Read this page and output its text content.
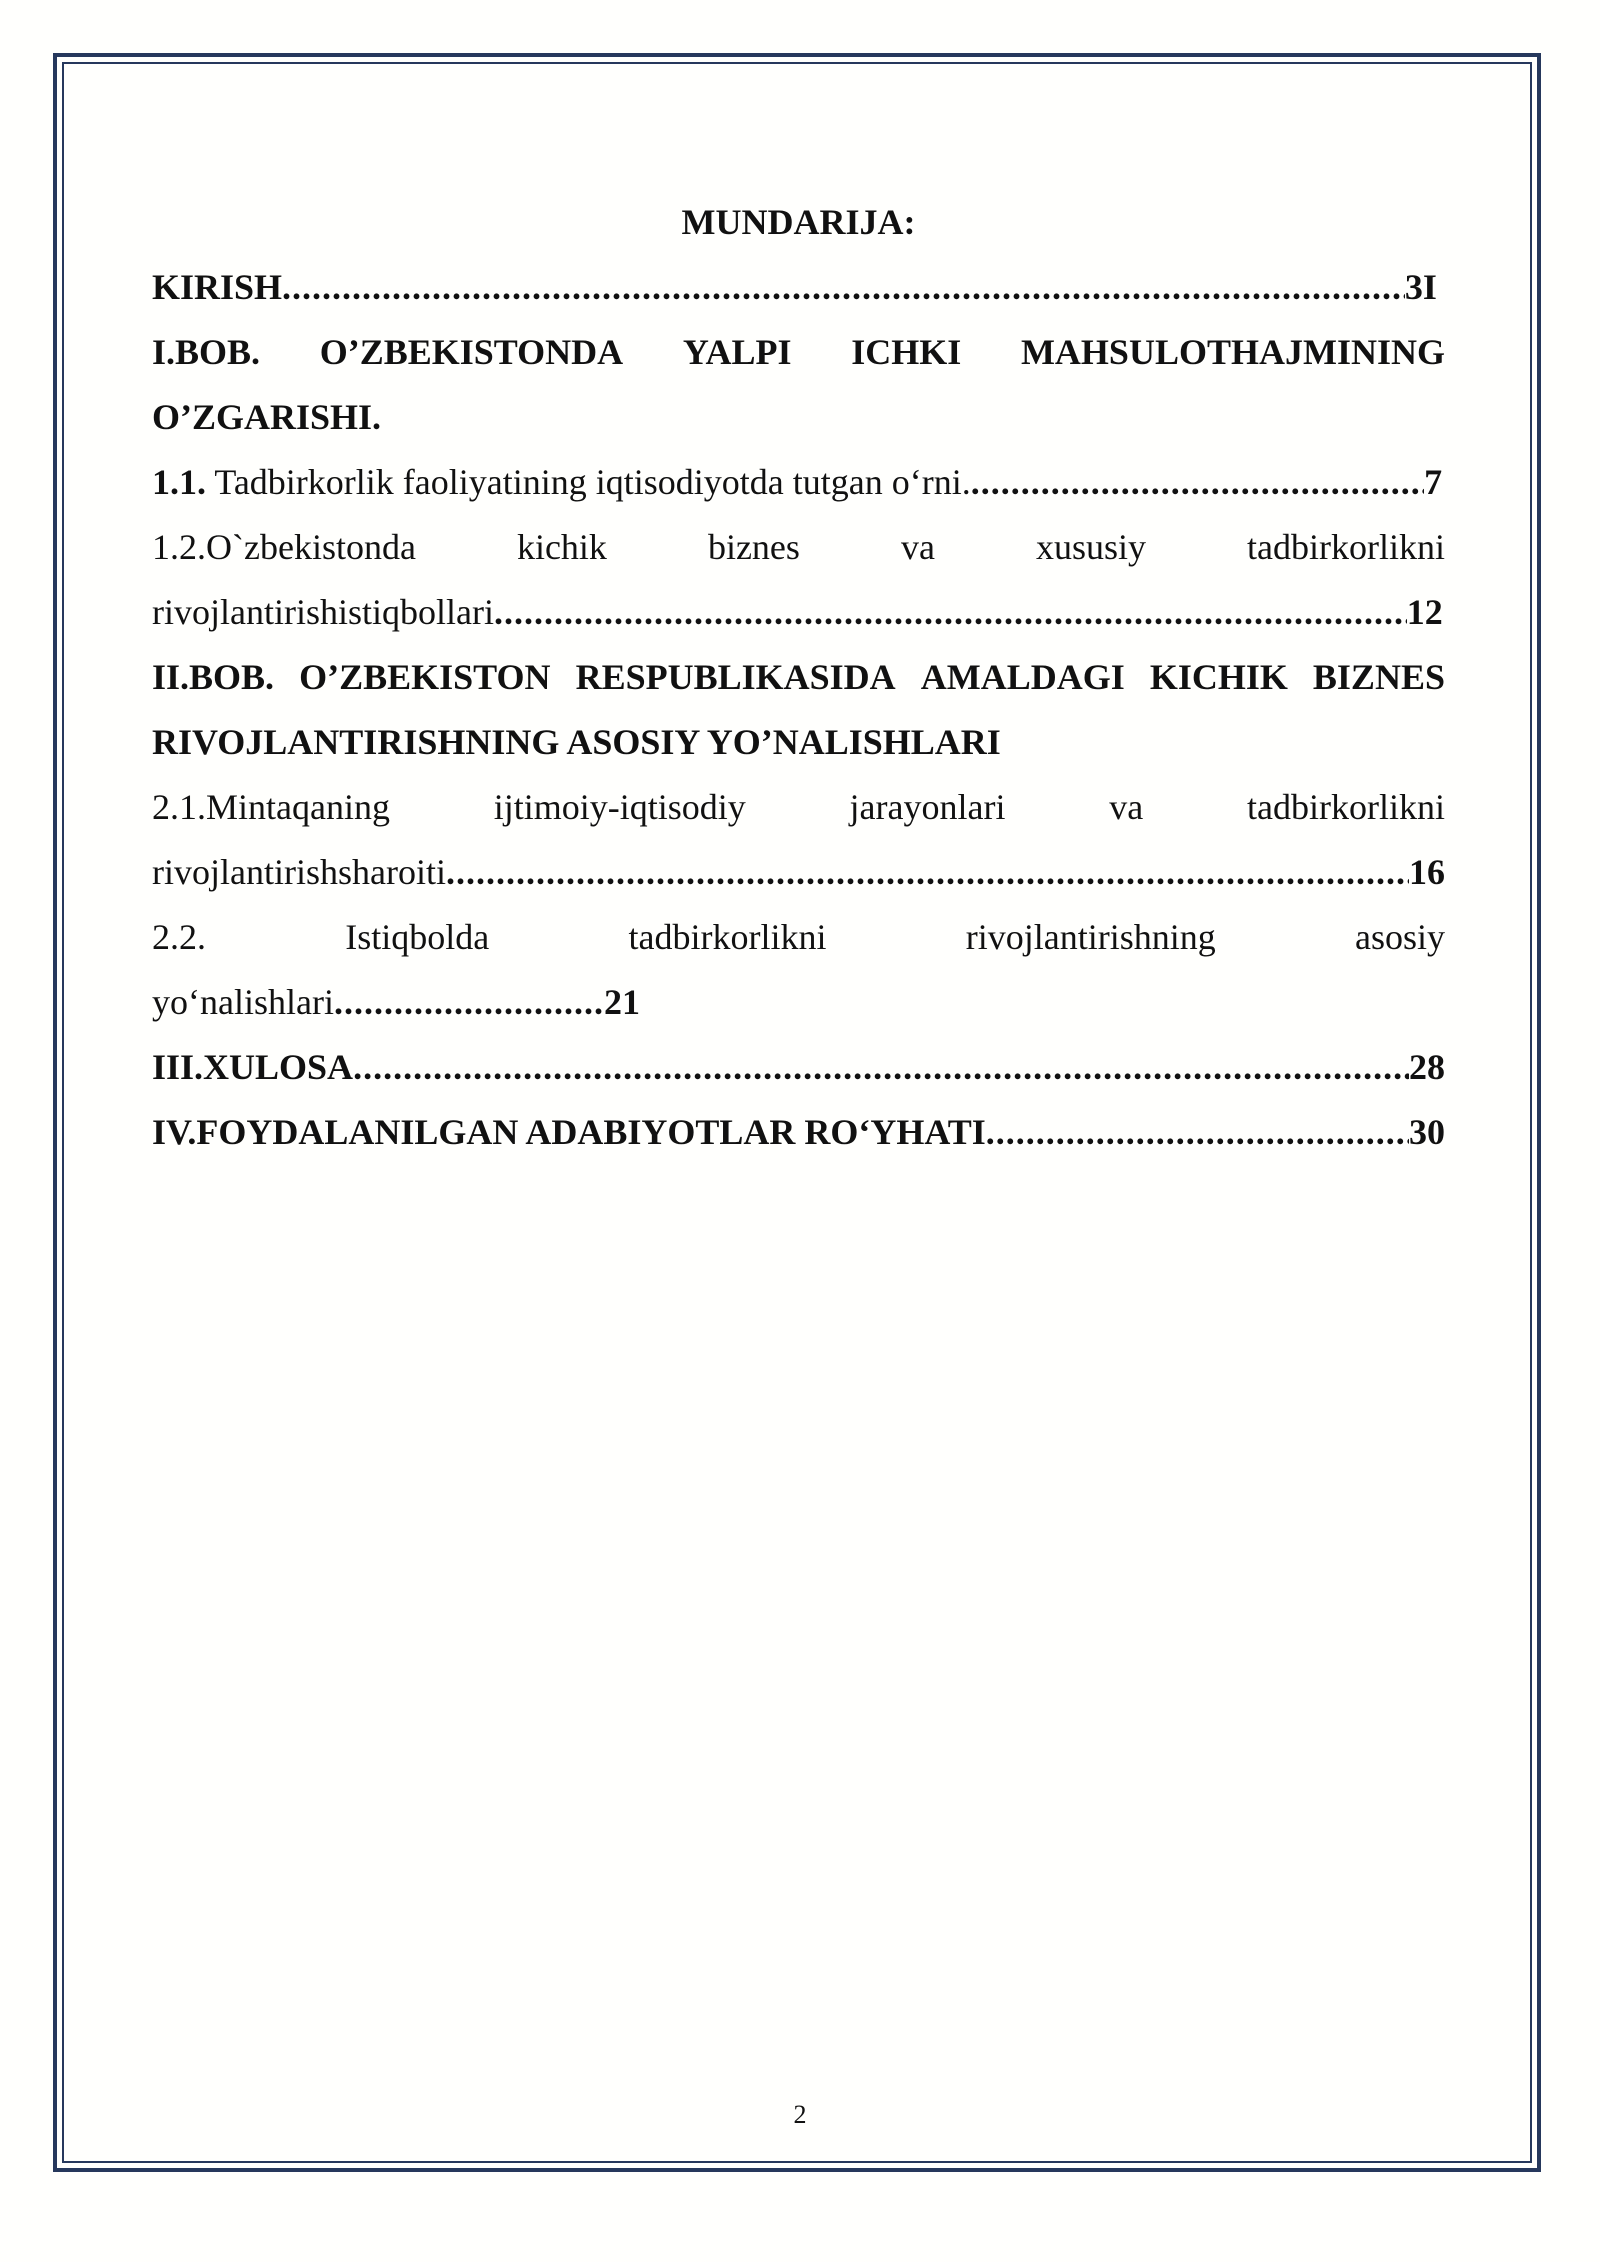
MUNDARIJA:
KIRISH .....	3I
I.BOB. O’ZBEKISTONDA YALPI ICHKI MAHSULOTHAJMINING
O’ZGARISHI.
1.1. Tadbirkorlik faoliyatining iqtisodiyotda tutgan o‘rni. .....	7
1.2.O`zbekistonda	kichik	biznes	va	xususiy	tadbirkorlikni
rivojlantirishistiqbollari .....	12
II.BOB. O’ZBEKISTON RESPUBLIKASIDA AMALDAGI KICHIK BIZNES
RIVOJLANTIRISHNING ASOSIY YO’NALISHLARI
2.1.Mintaqaning	ijtimoiy-iqtisodiy	jarayonlari	va	tadbirkorlikni
rivojlantirishsharoiti .....	16
2.2.	Istiqbolda	tadbirkorlikni	rivojlantirishning	asosiy
yo‘nalishlari ........................... 21
III.XULOSA .....	28
IV.FOYDALANILGAN ADABIYOTLAR RO‘YHATI .....	30
2
